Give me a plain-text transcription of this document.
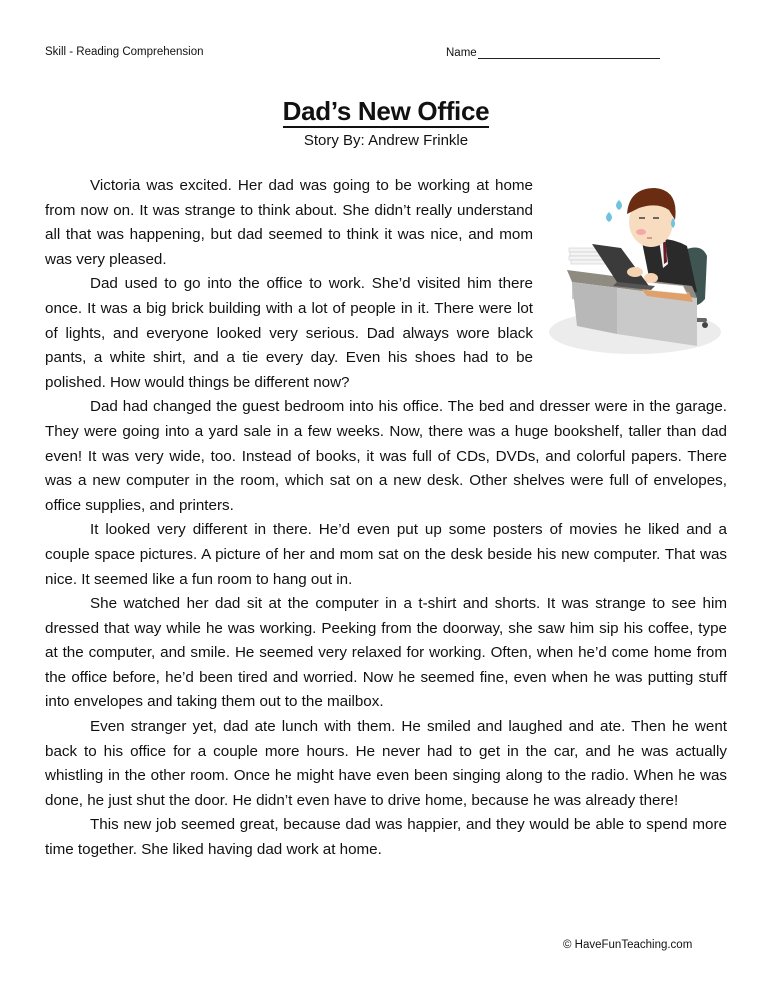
Skill - Reading Comprehension	Name
Dad’s New Office
Story By: Andrew Frinkle

Victoria was excited. Her dad was going to be working at home from now on. It was strange to think about. She didn’t really understand all that was happening, but dad seemed to think it was nice, and mom was very pleased.

Dad used to go into the office to work. She’d visited him there once. It was a big brick building with a lot of people in it. There were lot of lights, and everyone looked very serious. Dad always wore black pants, a white shirt, and a tie every day. Even his shoes had to be polished. How would things be different now?

Dad had changed the guest bedroom into his office. The bed and dresser were in the garage. They were going into a yard sale in a few weeks. Now, there was a huge bookshelf, taller than dad even! It was very wide, too. Instead of books, it was full of CDs, DVDs, and colorful papers. There was a new computer in the room, which sat on a new desk. Other shelves were full of envelopes, office supplies, and printers.

It looked very different in there. He’d even put up some posters of movies he liked and a couple space pictures. A picture of her and mom sat on the desk beside his new computer. That was nice. It seemed like a fun room to hang out in.

She watched her dad sit at the computer in a t-shirt and shorts. It was strange to see him dressed that way while he was working. Peeking from the doorway, she saw him sip his coffee, type at the computer, and smile. He seemed very relaxed for working. Often, when he’d come home from the office before, he’d been tired and worried. Now he seemed fine, even when he was putting stuff into envelopes and taking them out to the mailbox.

Even stranger yet, dad ate lunch with them. He smiled and laughed and ate. Then he went back to his office for a couple more hours. He never had to get in the car, and he was actually whistling in the other room. Once he might have even been singing along to the radio. When he was done, he just shut the door. He didn’t even have to drive home, because he was already there!

This new job seemed great, because dad was happier, and they would be able to spend more time together. She liked having dad work at home.

© HaveFunTeaching.com
